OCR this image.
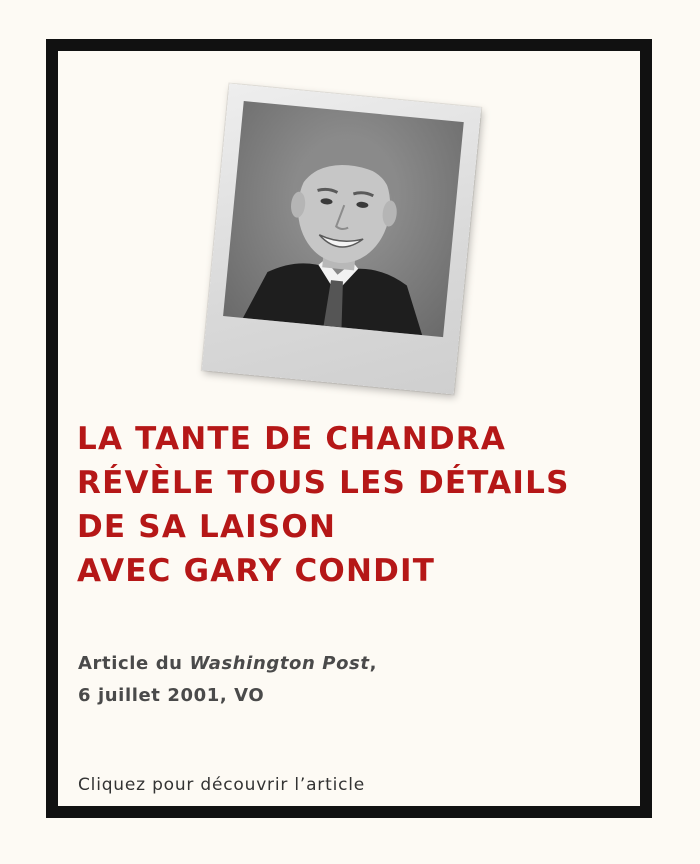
LA TANTE DE CHANDRA
RÉVÈLE TOUS LES DÉTAILS
DE SA LAISON
AVEC GARY CONDIT
Article du Washington Post,
6 juillet 2001, VO
Cliquez pour découvrir l’article
